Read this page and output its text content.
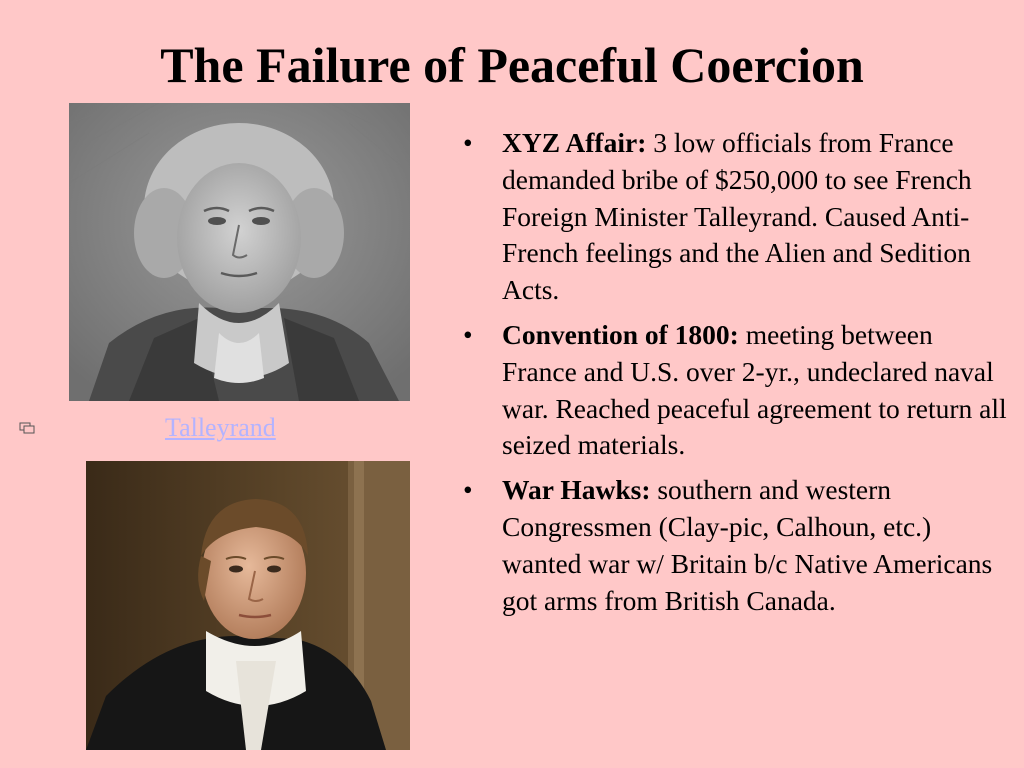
The Failure of Peaceful Coercion
Talleyrand
• XYZ Affair: 3 low officials from France demanded bribe of $250,000 to see French Foreign Minister Talleyrand. Caused Anti-French feelings and the Alien and Sedition Acts.
• Convention of 1800: meeting between France and U.S. over 2-yr., undeclared naval war. Reached peaceful agreement to return all seized materials.
• War Hawks: southern and western Congressmen (Clay-pic, Calhoun, etc.) wanted war w/ Britain b/c Native Americans got arms from British Canada.
